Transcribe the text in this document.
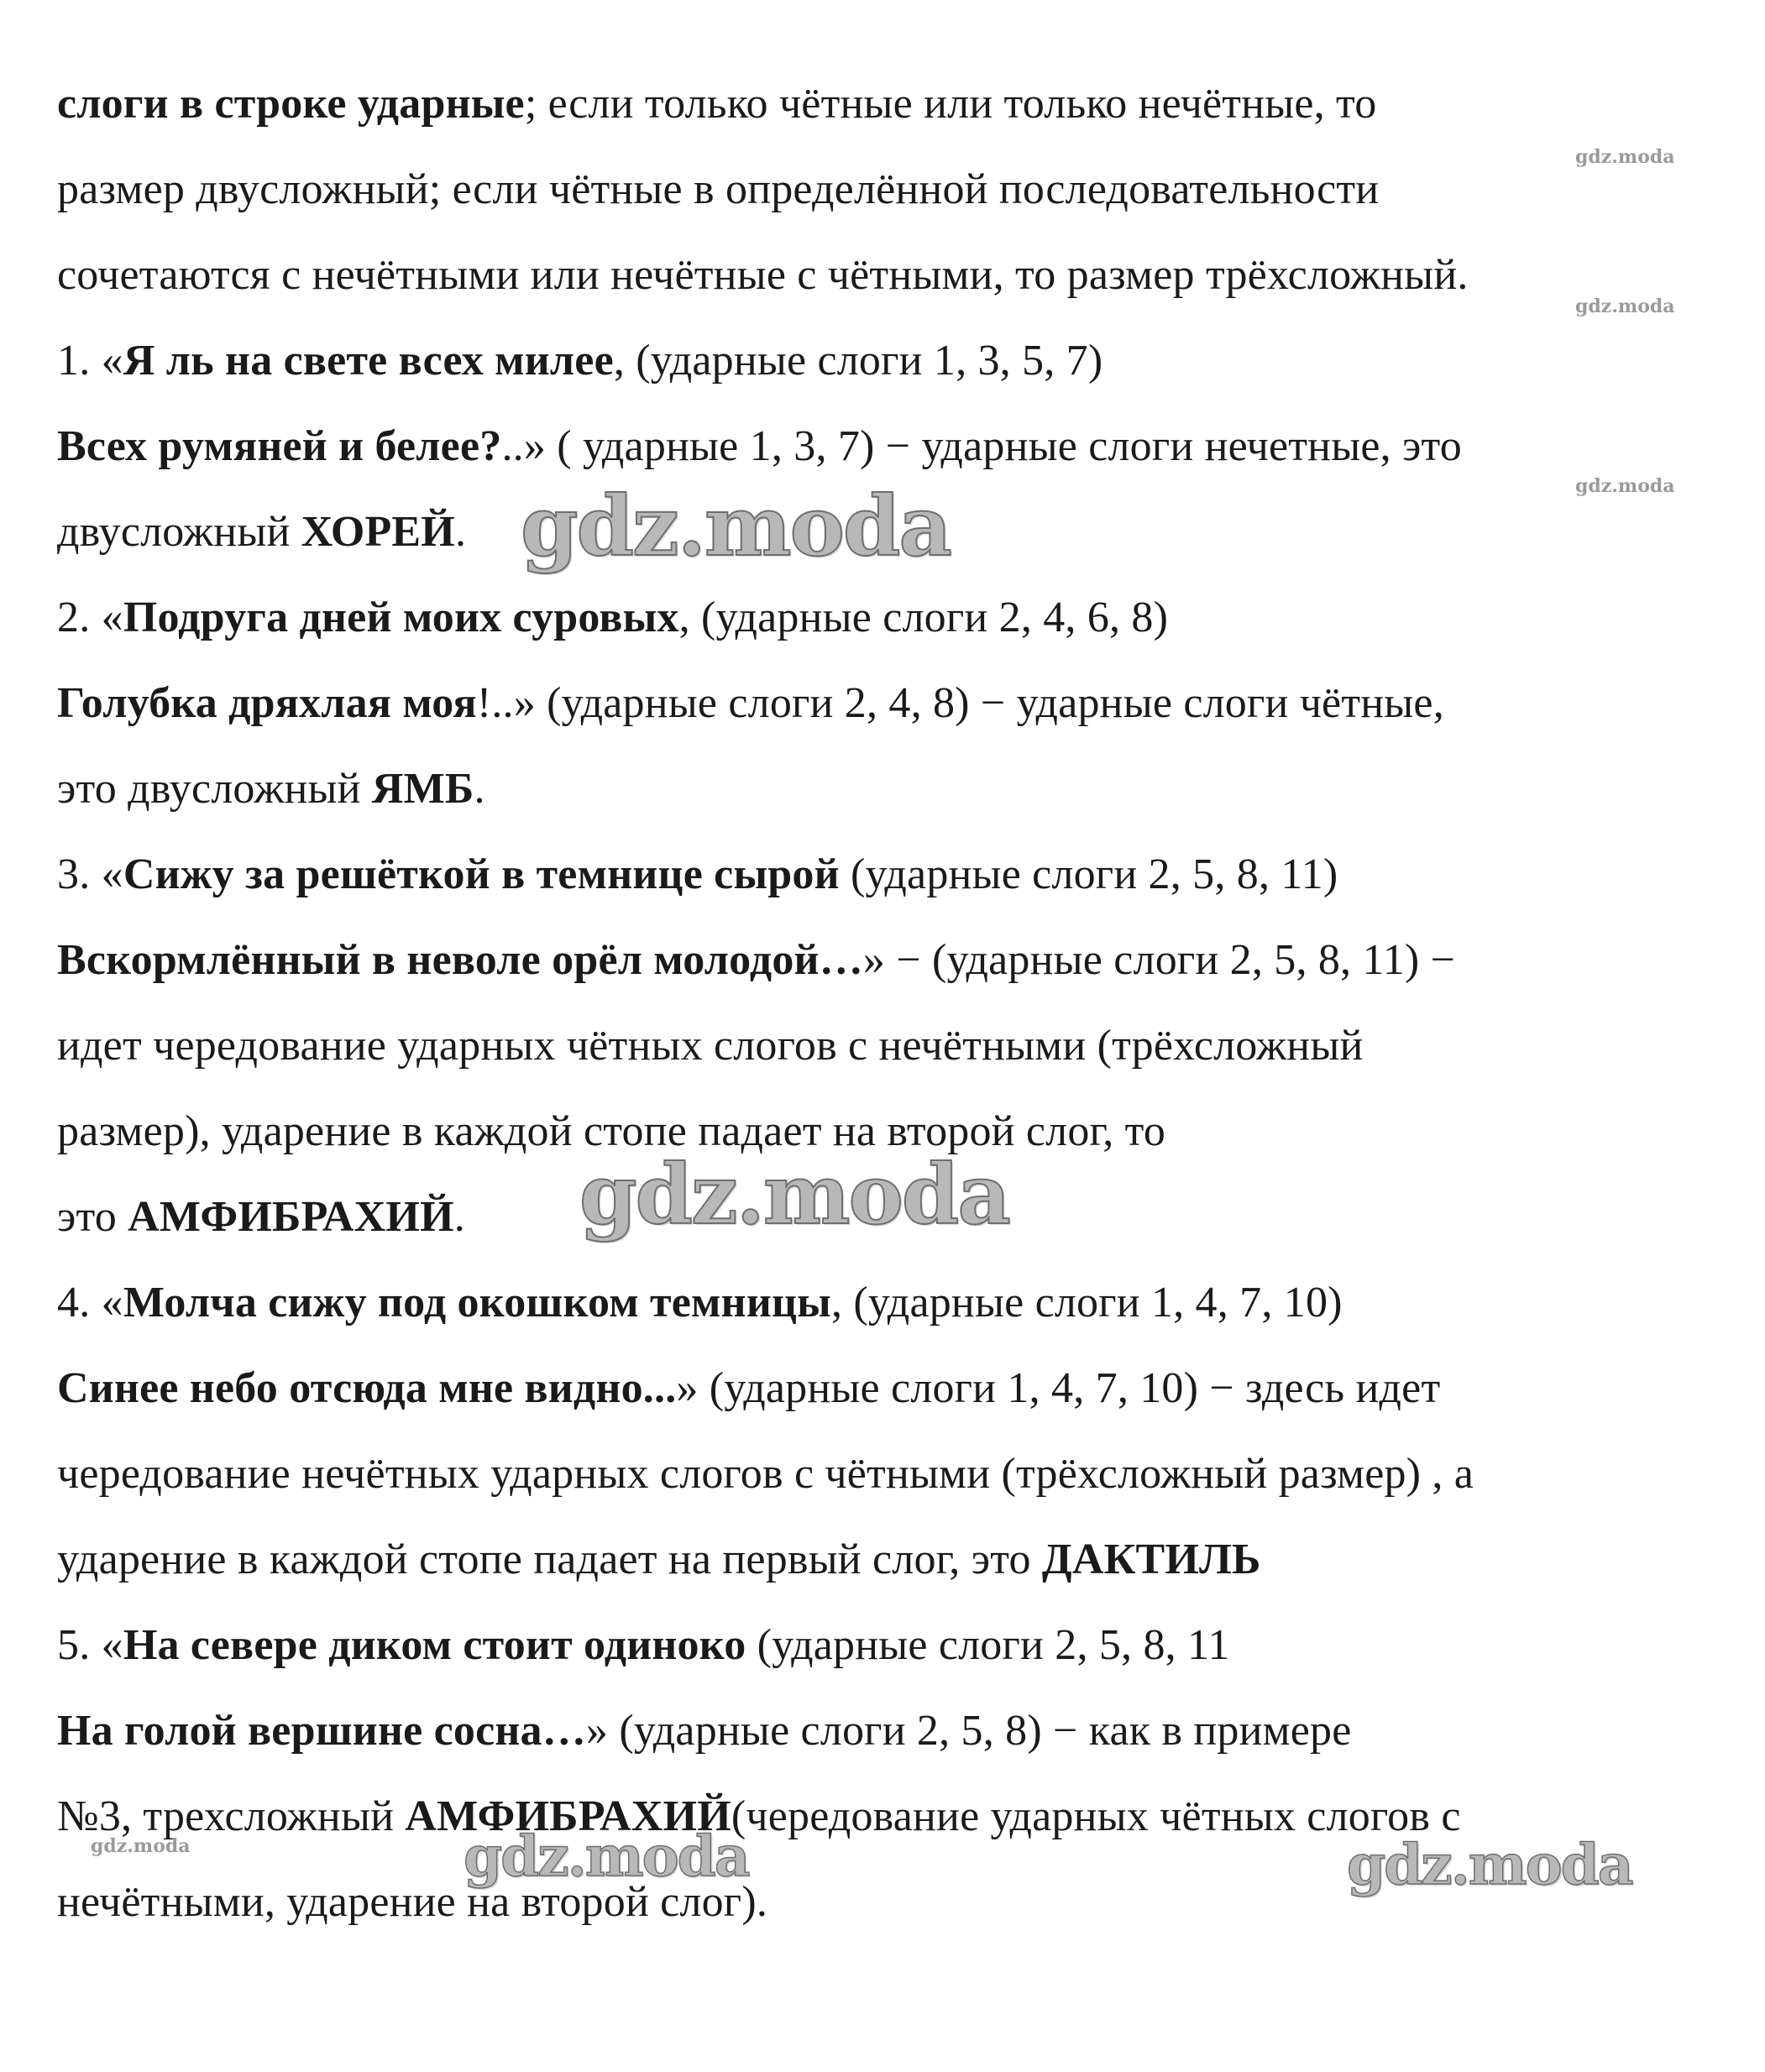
слоги в строке ударные; если только чётные или только нечётные, то
размер двусложный; если чётные в определённой последовательности
сочетаются с нечётными или нечётные с чётными, то размер трёхсложный.
1. «Я ль на свете всех милее, (ударные слоги 1, 3, 5, 7)
Всех румяней и белее?..» ( ударные 1, 3, 7) − ударные слоги нечетные, это
двусложный ХОРЕЙ.
2. «Подруга дней моих суровых, (ударные слоги 2, 4, 6, 8)
Голубка дряхлая моя!..» (ударные слоги 2, 4, 8) − ударные слоги чётные,
это двусложный ЯМБ.
3. «Сижу за решёткой в темнице сырой (ударные слоги 2, 5, 8, 11)
Вскормлённый в неволе орёл молодой…» − (ударные слоги 2, 5, 8, 11) −
идет чередование ударных чётных слогов с нечётными (трёхсложный
размер), ударение в каждой стопе падает на второй слог, то
это АМФИБРАХИЙ.
4. «Молча сижу под окошком темницы, (ударные слоги 1, 4, 7, 10)
Синее небо отсюда мне видно...» (ударные слоги 1, 4, 7, 10) − здесь идет
чередование нечётных ударных слогов с чётными (трёхсложный размер) , а
ударение в каждой стопе падает на первый слог, это ДАКТИЛЬ
5. «На севере диком стоит одиноко (ударные слоги 2, 5, 8, 11
На голой вершине сосна…» (ударные слоги 2, 5, 8) − как в примере
№3, трехсложный АМФИБРАХИЙ(чередование ударных чётных слогов с
нечётными, ударение на второй слог).
gdz.moda
gdz.moda
gdz.moda
gdz.moda
gdz.moda
gdz.moda
gdz.moda	gdz.moda
